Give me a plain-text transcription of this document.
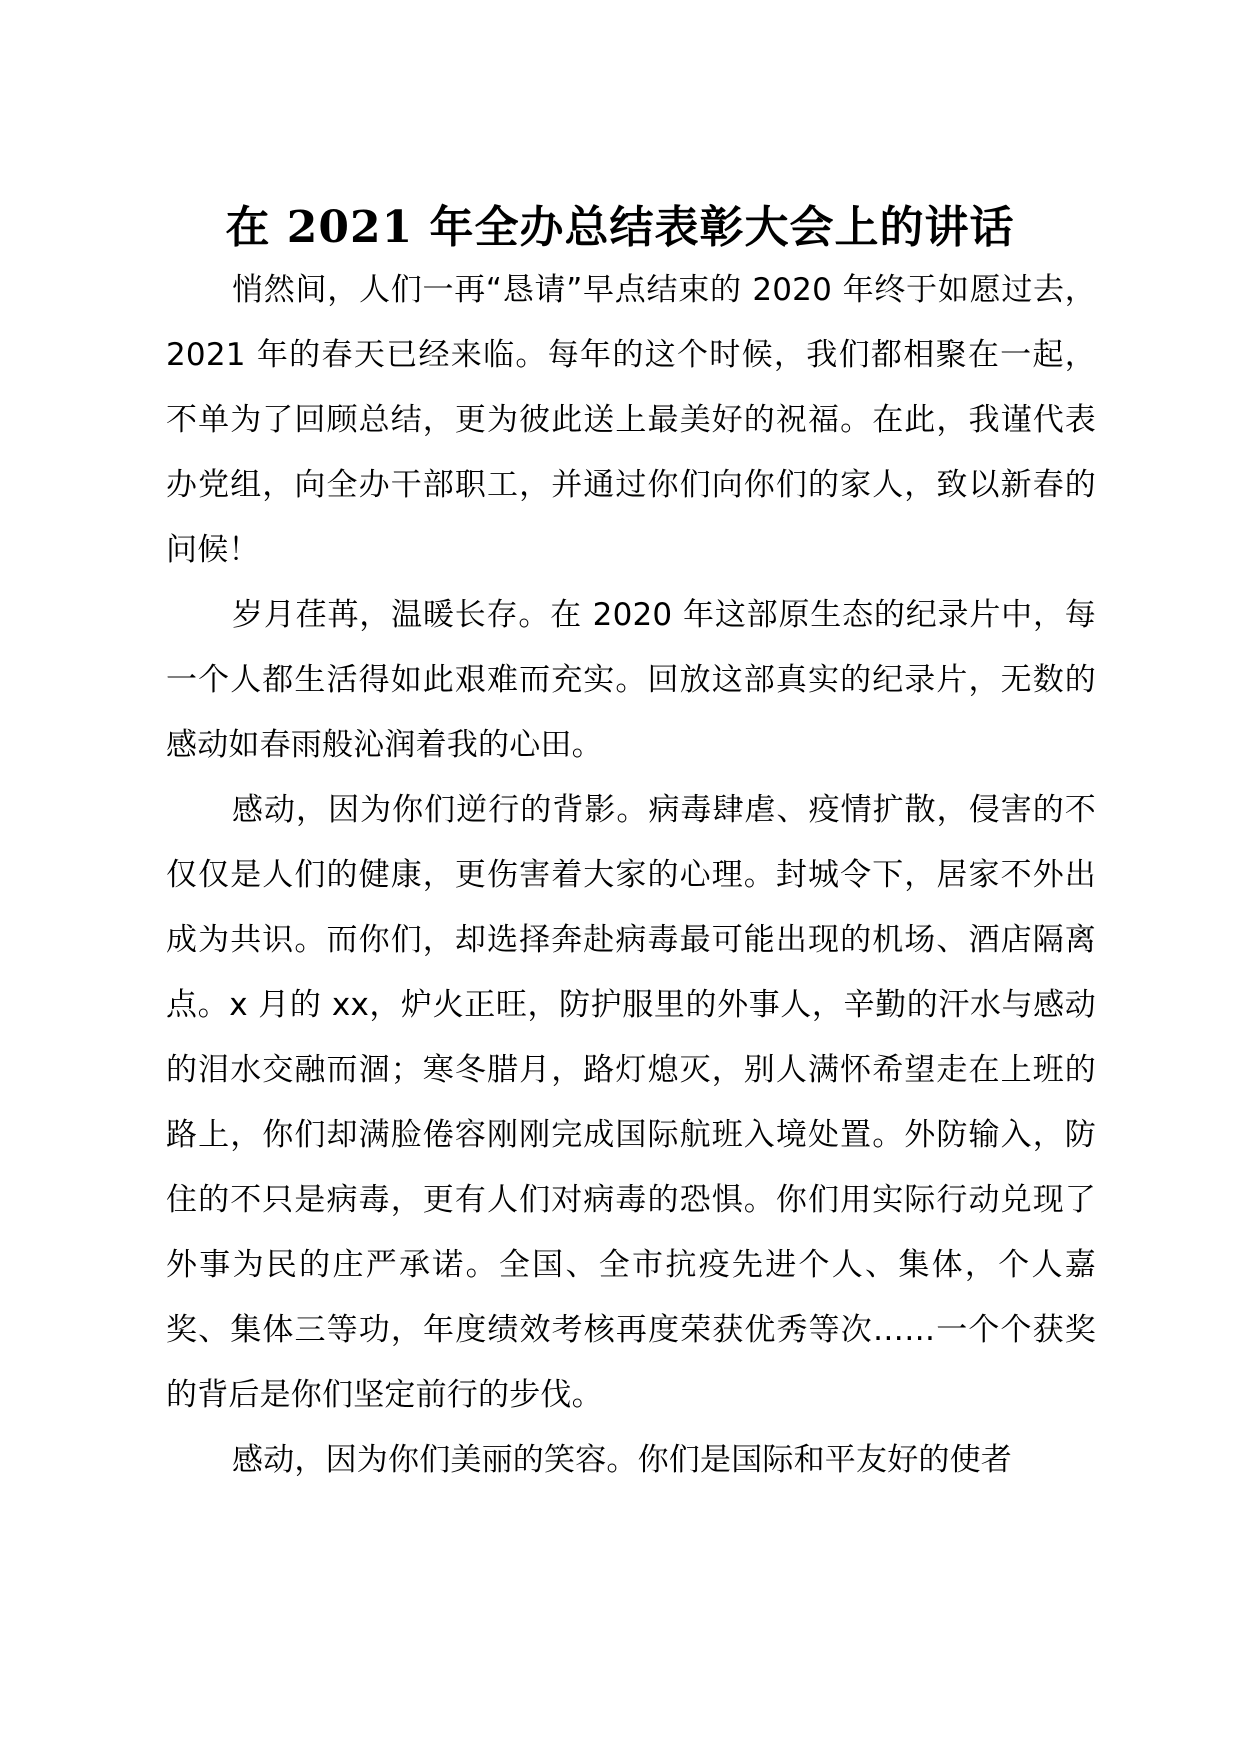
在 2021 年全办总结表彰大会上的讲话

悄然间，人们一再“恳请”早点结束的 2020 年终于如愿过去，2021 年的春天已经来临。每年的这个时候，我们都相聚在一起，不单为了回顾总结，更为彼此送上最美好的祝福。在此，我谨代表办党组，向全办干部职工，并通过你们向你们的家人，致以新春的问候！

岁月荏苒，温暖长存。在 2020 年这部原生态的纪录片中，每一个人都生活得如此艰难而充实。回放这部真实的纪录片，无数的感动如春雨般沁润着我的心田。

感动，因为你们逆行的背影。病毒肆虐、疫情扩散，侵害的不仅仅是人们的健康，更伤害着大家的心理。封城令下，居家不外出成为共识。而你们，却选择奔赴病毒最可能出现的机场、酒店隔离点。x 月的 xx，炉火正旺，防护服里的外事人，辛勤的汗水与感动的泪水交融而涸；寒冬腊月，路灯熄灭，别人满怀希望走在上班的路上，你们却满脸倦容刚刚完成国际航班入境处置。外防输入，防住的不只是病毒，更有人们对病毒的恐惧。你们用实际行动兑现了外事为民的庄严承诺。全国、全市抗疫先进个人、集体，个人嘉奖、集体三等功，年度绩效考核再度荣获优秀等次……一个个获奖的背后是你们坚定前行的步伐。

感动，因为你们美丽的笑容。你们是国际和平友好的使者
